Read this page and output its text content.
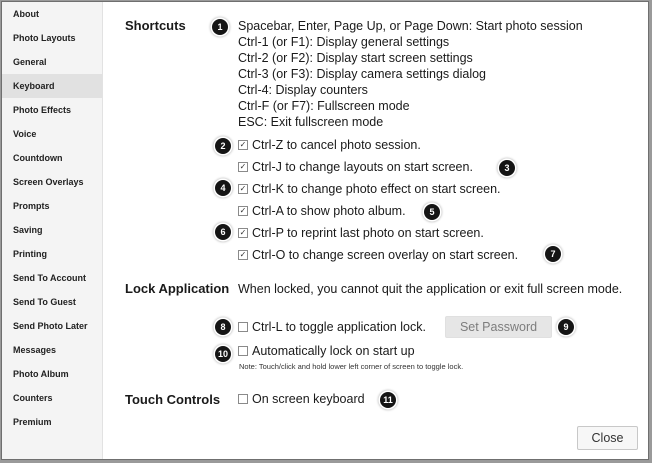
About
Photo Layouts
General
Keyboard
Photo Effects
Voice
Countdown
Screen Overlays
Prompts
Saving
Printing
Send To Account
Send To Guest
Send Photo Later
Messages
Photo Album
Counters
Premium
Shortcuts	Spacebar, Enter, Page Up, or Page Down: Start photo session
Ctrl-1 (or F1): Display general settings
Ctrl-2 (or F2): Display start screen settings
Ctrl-3 (or F3): Display camera settings dialog
Ctrl-4: Display counters
Ctrl-F (or F7): Fullscreen mode
ESC: Exit fullscreen mode
✓ Ctrl-Z to cancel photo session.
✓ Ctrl-J to change layouts on start screen.
✓ Ctrl-K to change photo effect on start screen.
✓ Ctrl-A to show photo album.
✓ Ctrl-P to reprint last photo on start screen.
✓ Ctrl-O to change screen overlay on start screen.
Lock Application When locked, you cannot quit the application or exit full screen mode.
Ctrl-L to toggle application lock.	Set Password
Automatically lock on start up
Note: Touch/click and hold lower left corner of screen to toggle lock.
Touch Controls	On screen keyboard
Close
1
2
3
4
5
6
7
8	9
10
11
